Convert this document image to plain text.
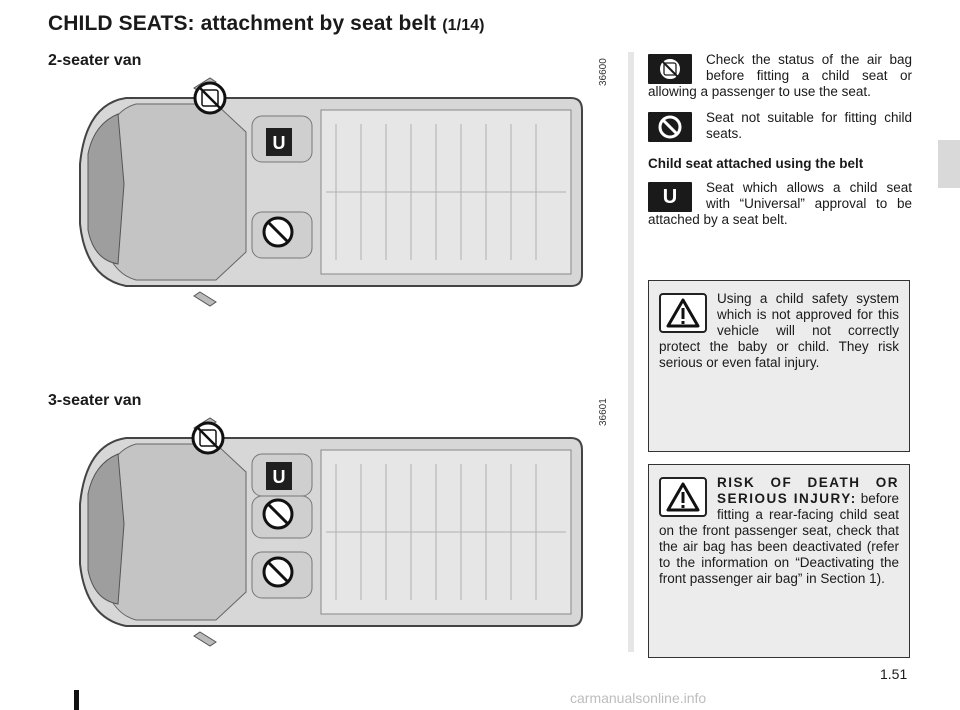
CHILD SEATS: attachment by seat belt (1/14)
2-seater van	36600
U
3-seater van	36601
U
Check the status of the air bag before fitting a child seat or allowing a passenger to use the seat.
Seat not suitable for fitting child seats.
Child seat attached using the belt
U Seat which allows a child seat with “Universal” approval to be attached by a seat belt.
Using a child safety system which is not approved for this vehicle will not correctly protect the baby or child. They risk serious or even fatal injury.
RISK OF DEATH OR SERIOUS INJURY: before fitting a rear-facing child seat on the front passenger seat, check that the air bag has been deactivated (refer to the information on “Deactivating the front passenger air bag” in Section 1).
1.51
carmanualsonline.info
